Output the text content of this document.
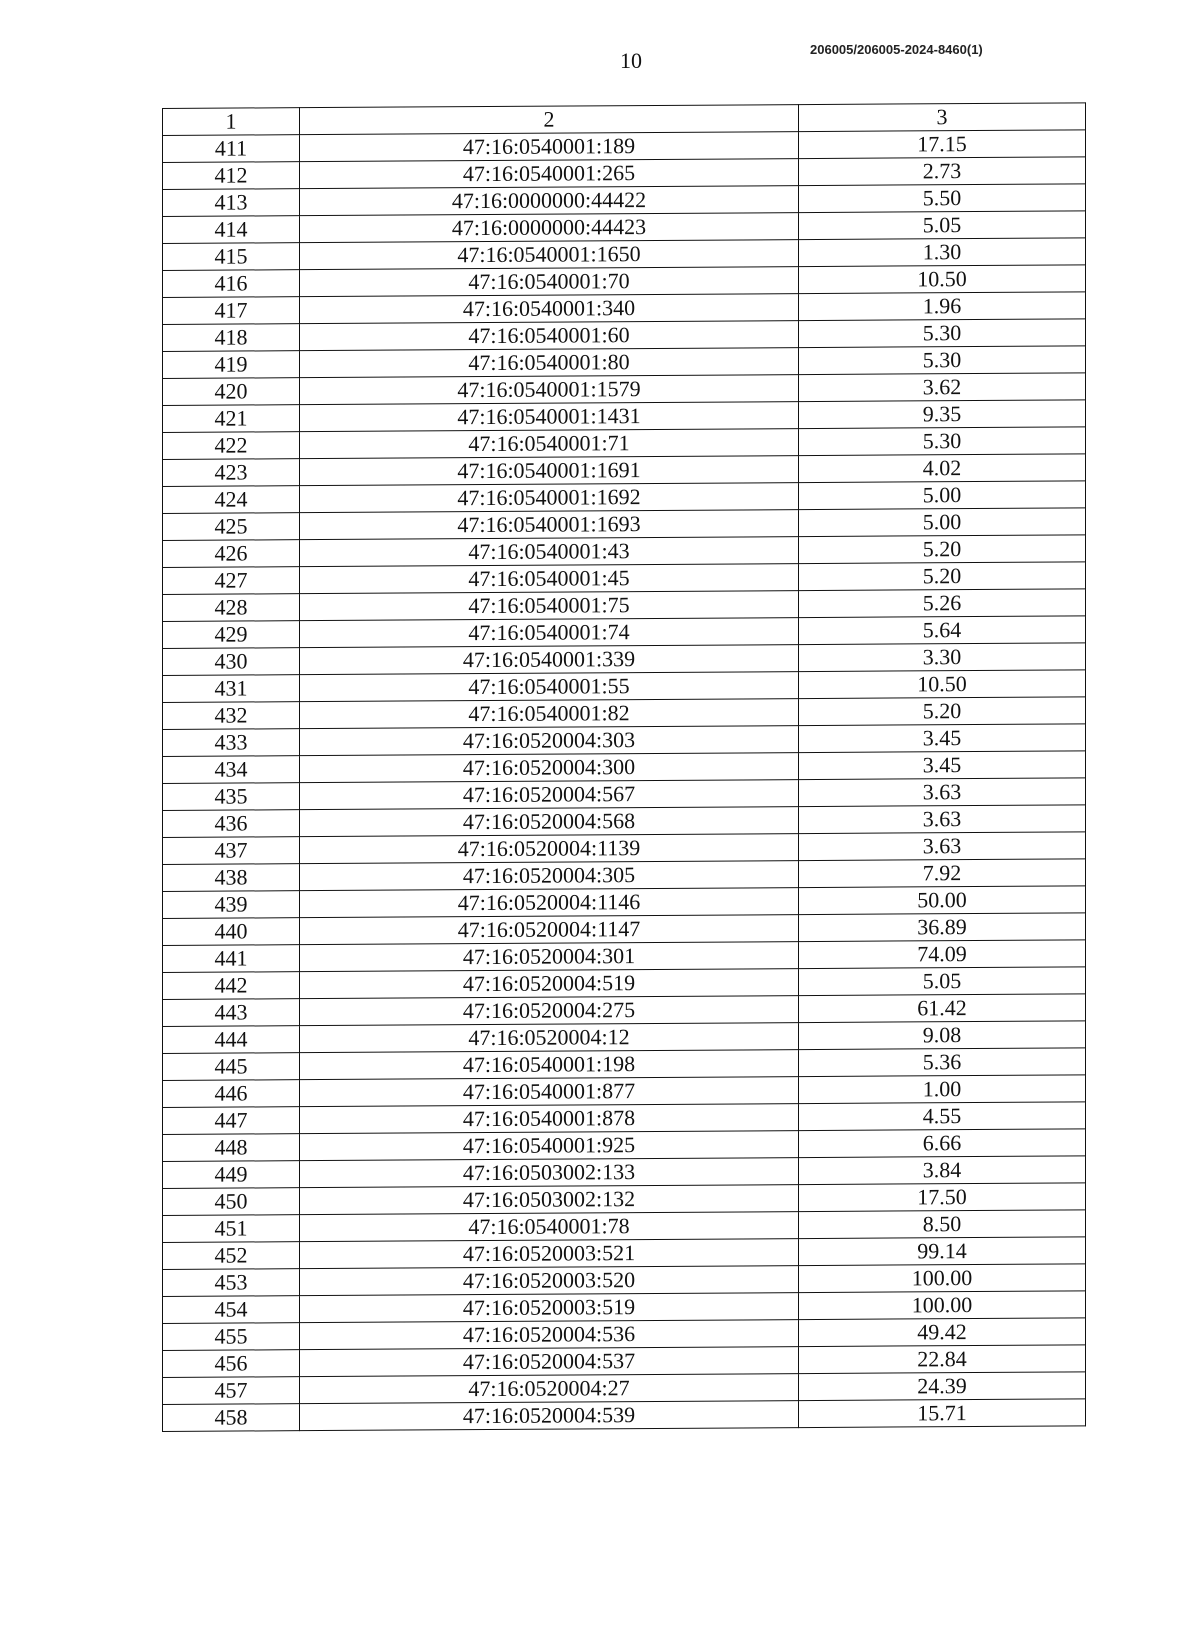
10	206005/206005-2024-8460(1)
1	2	3
411	47:16:0540001:189	17.15
412	47:16:0540001:265	2.73
413	47:16:0000000:44422	5.50
414	47:16:0000000:44423	5.05
415	47:16:0540001:1650	1.30
416	47:16:0540001:70	10.50
417	47:16:0540001:340	1.96
418	47:16:0540001:60	5.30
419	47:16:0540001:80	5.30
420	47:16:0540001:1579	3.62
421	47:16:0540001:1431	9.35
422	47:16:0540001:71	5.30
423	47:16:0540001:1691	4.02
424	47:16:0540001:1692	5.00
425	47:16:0540001:1693	5.00
426	47:16:0540001:43	5.20
427	47:16:0540001:45	5.20
428	47:16:0540001:75	5.26
429	47:16:0540001:74	5.64
430	47:16:0540001:339	3.30
431	47:16:0540001:55	10.50
432	47:16:0540001:82	5.20
433	47:16:0520004:303	3.45
434	47:16:0520004:300	3.45
435	47:16:0520004:567	3.63
436	47:16:0520004:568	3.63
437	47:16:0520004:1139	3.63
438	47:16:0520004:305	7.92
439	47:16:0520004:1146	50.00
440	47:16:0520004:1147	36.89
441	47:16:0520004:301	74.09
442	47:16:0520004:519	5.05
443	47:16:0520004:275	61.42
444	47:16:0520004:12	9.08
445	47:16:0540001:198	5.36
446	47:16:0540001:877	1.00
447	47:16:0540001:878	4.55
448	47:16:0540001:925	6.66
449	47:16:0503002:133	3.84
450	47:16:0503002:132	17.50
451	47:16:0540001:78	8.50
452	47:16:0520003:521	99.14
453	47:16:0520003:520	100.00
454	47:16:0520003:519	100.00
455	47:16:0520004:536	49.42
456	47:16:0520004:537	22.84
457	47:16:0520004:27	24.39
458	47:16:0520004:539	15.71
